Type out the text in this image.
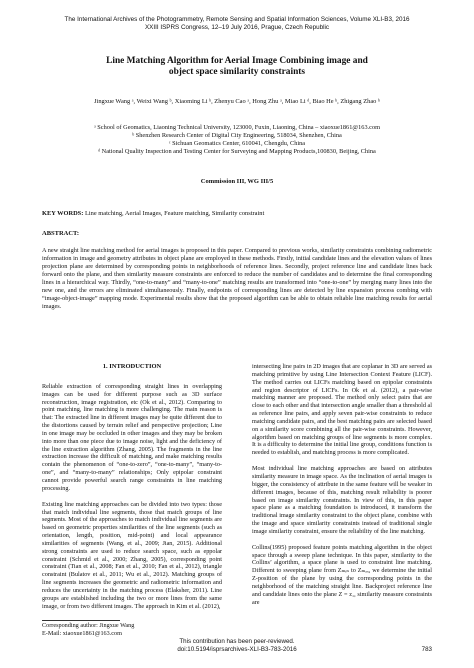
The International Archives of the Photogrammetry, Remote Sensing and Spatial Information Sciences, Volume XLI-B3, 2016
XXIII ISPRS Congress, 12–19 July 2016, Prague, Czech Republic
Line Matching Algorithm for Aerial Image Combining image and
object space similarity constraints
Jingxue Wang ᵃ, Weixi Wang ᵇ, Xiaoming Li ᵇ, Zhenyu Cao ᵃ, Hong Zhu ᵃ, Miao Li ᵈ, Biao He ᵇ, Zhigang Zhao ᵇ
ᵃ School of Geomatics, Liaoning Technical University, 123000, Fuxin, Liaoning, China – xiaoxue1861@163.com
ᵇ Shenzhen Research Center of Digital City Engineering, 518034, Shenzhen, China
ᶜ Sichuan Geomatics Center, 610041, Chengdu, China
ᵈ National Quality Inspection and Testing Center for Surveying and Mapping Products,100830, Beijing, China
Commission III, WG III/5
KEY WORDS: Line matching, Aerial Images, Feature matching, Similarity constraint
ABSTRACT:
A new straight line matching method for aerial images is proposed in this paper. Compared to previous works, similarity constraints combining radiometric information in image and geometry attributes in object plane are employed in these methods. Firstly, initial candidate lines and the elevation values of lines projection plane are determined by corresponding points in neighborhoods of reference lines. Secondly, project reference line and candidate lines back forward onto the plane, and then similarity measure constraints are enforced to reduce the number of candidates and to determine the final corresponding lines in a hierarchical way. Thirdly, “one-to-many” and “many-to-one” matching results are transformed into “one-to-one” by merging many lines into the new one, and the errors are eliminated simultaneously. Finally, endpoints of corresponding lines are detected by line expansion process combing with “image-object-image” mapping mode. Experimental results show that the proposed algorithm can be able to obtain reliable line matching results for aerial images.
1. INTRODUCTION

Reliable extraction of corresponding straight lines in overlapping images can be used for different purpose such as 3D surface reconstruction, image registration, etc (Ok et al., 2012). Comparing to point matching, line matching is more challenging. The main reason is that: The extracted line in different images may be quite different due to the distortions caused by terrain relief and perspective projection; Line in one image may be occluded in other images and they may be broken into more than one piece due to image noise, light and the deficiency of the line extraction algorithm (Zhang, 2005). The fragments in the line extraction increase the difficult of matching, and make matching results contain the phenomenon of “one-to-zero”, “one-to-many”, “many-to-one”, and “many-to-many” relationships; Only epipolar constraint cannot provide powerful search range constraints in line matching processing.

Existing line matching approaches can be divided into two types: those that match individual line segments, those that match groups of line segments. Most of the approaches to match individual line segments are based on geometric properties similarities of the line segments (such as orientation, length, position, mid-point) and local appearance similarities of segments (Wang, et al., 2009; Jian, 2015). Additional strong constraints are used to reduce search space, such as eppolar constraint (Schmid et al., 2000; Zhang, 2005), corresponding point constraint (Tian et al., 2008; Fan et al., 2010; Fan et al., 2012), triangle constraint (Bulatov et al., 2011; Wu et al., 2012). Matching groups of line segments increases the geometric and radiometric information and reduces the uncertainty in the matching process (Elaksher, 2011). Line groups are established including the two or more lines from the same image, or from two different images. The approach in Kim et al. (2012),

intersecting line pairs in 2D images that are coplanar in 3D are served as matching primitive by using Line Intersection Context Feature (LICF). The method carries out LICFs matching based on epipolar constraints and region descriptor of LICFs. In Ok et al. (2012), a pair-wise matching manner are proposed. The method only select pairs that are close to each other and that intersection angle smaller than a threshold al as reference line pairs, and apply seven pair-wise constraints to reduce matching candidate pairs, and the best matching pairs are selected based on a similarity score combining all the pair-wise constraints. However, algorithm based on matching groups of line segments is more complex. It is a difficulty to determine the initial line group, conditions function is needed to establish, and matching process is more complicated.

Most individual line matching approaches are based on attributes similarity measure in image space. As the inclination of aerial images is bigger, the consistency of attribute in the same feature will be weaker in different images, because of this, matching result reliability is poorer based on image similarity constraints. In view of this, in this paper space plane as a matching foundation is introduced, it transform the traditional image similarity constraint to the object plane, combine with the image and space similarity constraints instead of traditional single image similarity constraint, ensure the reliability of the line matching.

Collins(1995) proposed feature points matching algorithm in the object space through a sweep plane technique. In this paper, similarity to the Collins’ algorithm, a space plane is used to constraint line matching. Different to sweeping plane from Zₘᵢₙ to Zₘₐₓ, we determine the initial Z-position of the plane by using the corresponding points in the neighborhood of the matching straight line. Backproject reference line and candidate lines onto the plane Z = z₁, similarity measure constraints are

Corresponding author: Jingxue Wang
E-Mail: xiaoxue1861@163.com
This contribution has been peer-reviewed.
doi:10.5194/isprsarchives-XLI-B3-783-2016	783
